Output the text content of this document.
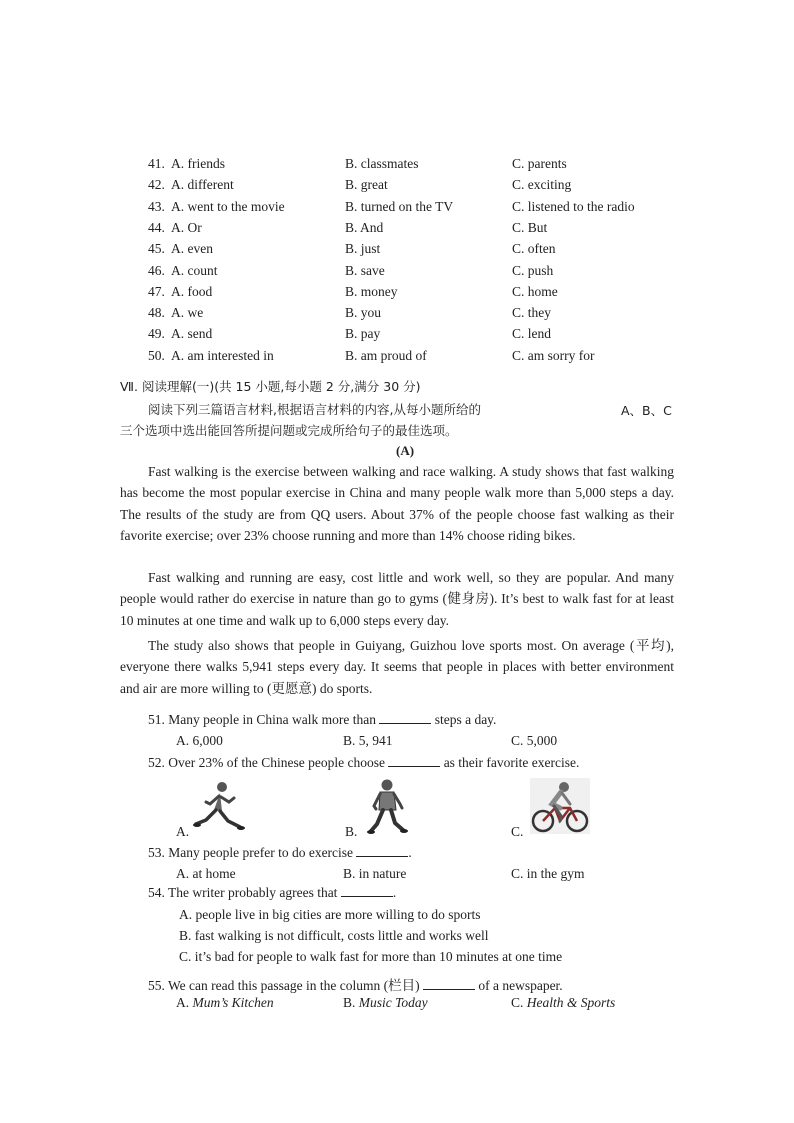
41. A. friends	B. classmates	C. parents
42. A. different	B. great	C. exciting
43. A. went to the movie	B. turned on the TV	C. listened to the radio
44. A. Or	B. And	C. But
45. A. even	B. just	C. often
46. A. count	B. save	C. push
47. A. food	B. money	C. home
48. A. we	B. you	C. they
49. A. send	B. pay	C. lend
50. A. am interested in	B. am proud of	C. am sorry for
Ⅶ. 阅读理解(一)(共 15 小题,每小题 2 分,满分 30 分)
阅读下列三篇语言材料,根据语言材料的内容,从每小题所给的	A、B、C
三个选项中选出能回答所提问题或完成所给句子的最佳选项。
(A)
Fast walking is the exercise between walking and race walking. A study shows that fast walking has become the most popular exercise in China and many people walk more than 5,000 steps a day. The results of the study are from QQ users. About 37% of the people choose fast walking as their favorite exercise; over 23% choose running and more than 14% choose riding bikes.
Fast walking and running are easy, cost little and work well, so they are popular. And many people would rather do exercise in nature than go to gyms (健身房). It’s best to walk fast for at least 10 minutes at one time and walk up to 6,000 steps every day.
The study also shows that people in Guiyang, Guizhou love sports most. On average (平均), everyone there walks 5,941 steps every day. It seems that people in places with better environment and air are more willing to (更愿意) do sports.
51. Many people in China walk more than	steps a day.
A. 6,000	B. 5, 941	C. 5,000
52. Over 23% of the Chinese people choose	as their favorite exercise.
A.	B.	C.
53. Many people prefer to do exercise	.
A. at home	B. in nature	C. in the gym
54. The writer probably agrees that	.
A. people live in big cities are more willing to do sports
B. fast walking is not difficult, costs little and works well
C. it’s bad for people to walk fast for more than 10 minutes at one time
55. We can read this passage in the column (栏目)	of a newspaper.
A. Mum’s Kitchen	B. Music Today	C. Health & Sports
